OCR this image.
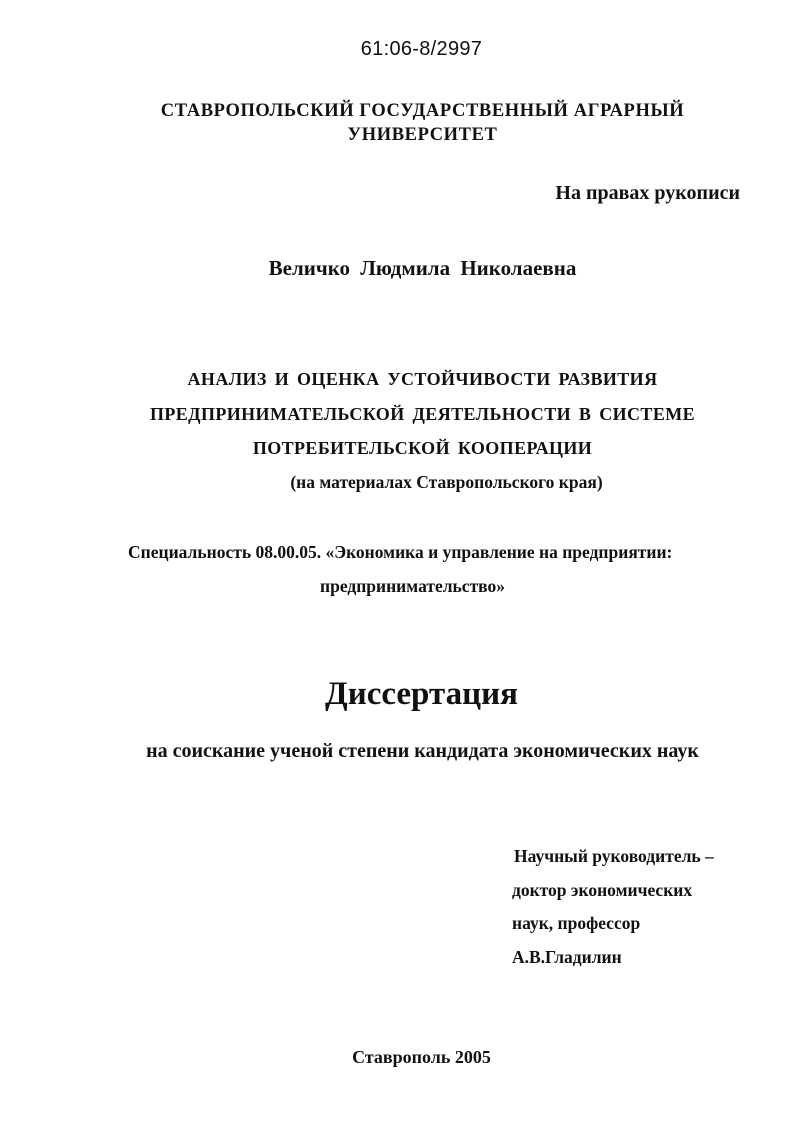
61:06-8/2997
СТАВРОПОЛЬСКИЙ ГОСУДАРСТВЕННЫЙ АГРАРНЫЙ
УНИВЕРСИТЕТ
На правах рукописи
Величко Людмила Николаевна
АНАЛИЗ И ОЦЕНКА УСТОЙЧИВОСТИ РАЗВИТИЯ
ПРЕДПРИНИМАТЕЛЬСКОЙ ДЕЯТЕЛЬНОСТИ В СИСТЕМЕ
ПОТРЕБИТЕЛЬСКОЙ КООПЕРАЦИИ
(на материалах Ставропольского края)
Специальность 08.00.05. «Экономика и управление на предприятии:
предпринимательство»
Диссертация
на соискание ученой степени кандидата экономических наук
Научный руководитель –
доктор экономических
наук, профессор
А.В.Гладилин
Ставрополь 2005
